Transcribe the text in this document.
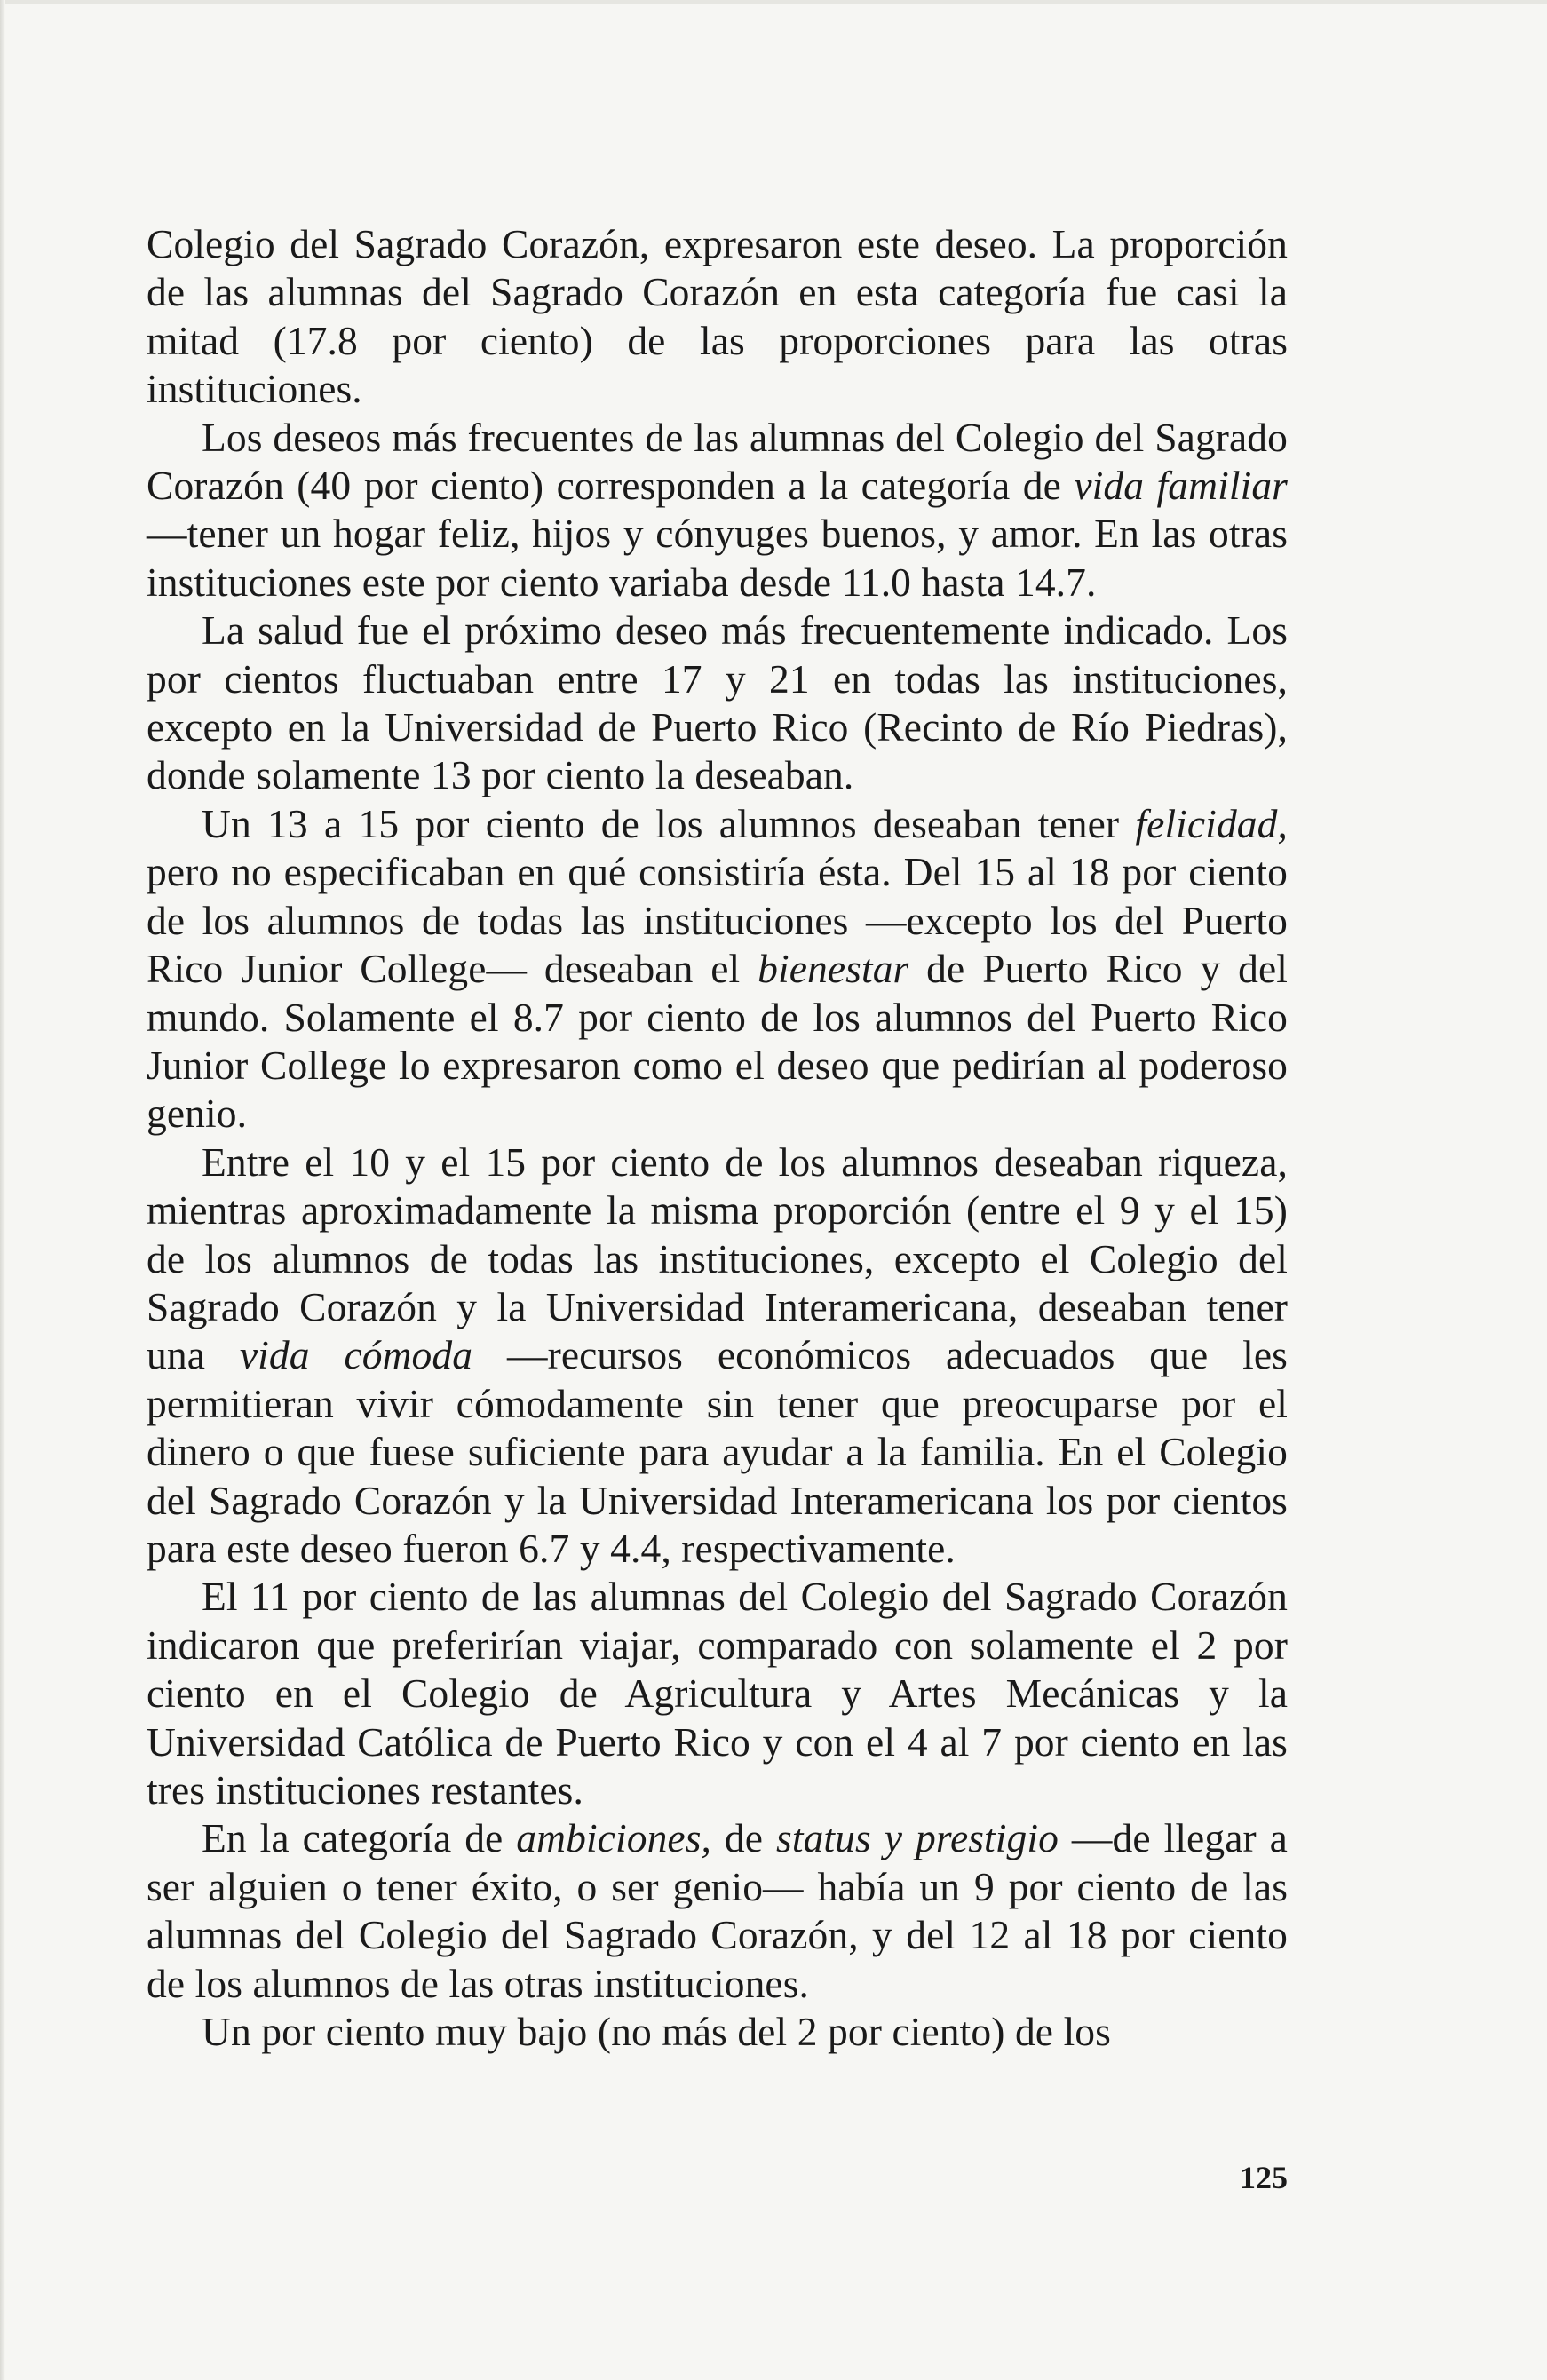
Colegio del Sagrado Corazón, expresaron este deseo. La proporción de las alumnas del Sagrado Corazón en esta categoría fue casi la mitad (17.8 por ciento) de las proporciones para las otras instituciones.

Los deseos más frecuentes de las alumnas del Colegio del Sagrado Corazón (40 por ciento) corresponden a la categoría de vida familiar —tener un hogar feliz, hijos y cónyuges buenos, y amor. En las otras instituciones este por ciento variaba desde 11.0 hasta 14.7.

La salud fue el próximo deseo más frecuentemente indicado. Los por cientos fluctuaban entre 17 y 21 en todas las instituciones, excepto en la Universidad de Puerto Rico (Recinto de Río Piedras), donde solamente 13 por ciento la deseaban.

Un 13 a 15 por ciento de los alumnos deseaban tener felicidad, pero no especificaban en qué consistiría ésta. Del 15 al 18 por ciento de los alumnos de todas las instituciones —excepto los del Puerto Rico Junior College— deseaban el bienestar de Puerto Rico y del mundo. Solamente el 8.7 por ciento de los alumnos del Puerto Rico Junior College lo expresaron como el deseo que pedirían al poderoso genio.

Entre el 10 y el 15 por ciento de los alumnos deseaban riqueza, mientras aproximadamente la misma proporción (entre el 9 y el 15) de los alumnos de todas las instituciones, excepto el Colegio del Sagrado Corazón y la Universidad Interamericana, deseaban tener una vida cómoda —recursos económicos adecuados que les permitieran vivir cómodamente sin tener que preocuparse por el dinero o que fuese suficiente para ayudar a la familia. En el Colegio del Sagrado Corazón y la Universidad Interamericana los por cientos para este deseo fueron 6.7 y 4.4, respectivamente.

El 11 por ciento de las alumnas del Colegio del Sagrado Corazón indicaron que preferirían viajar, comparado con solamente el 2 por ciento en el Colegio de Agricultura y Artes Mecánicas y la Universidad Católica de Puerto Rico y con el 4 al 7 por ciento en las tres instituciones restantes.

En la categoría de ambiciones, de status y prestigio —de llegar a ser alguien o tener éxito, o ser genio— había un 9 por ciento de las alumnas del Colegio del Sagrado Corazón, y del 12 al 18 por ciento de los alumnos de las otras instituciones.

Un por ciento muy bajo (no más del 2 por ciento) de los

125
